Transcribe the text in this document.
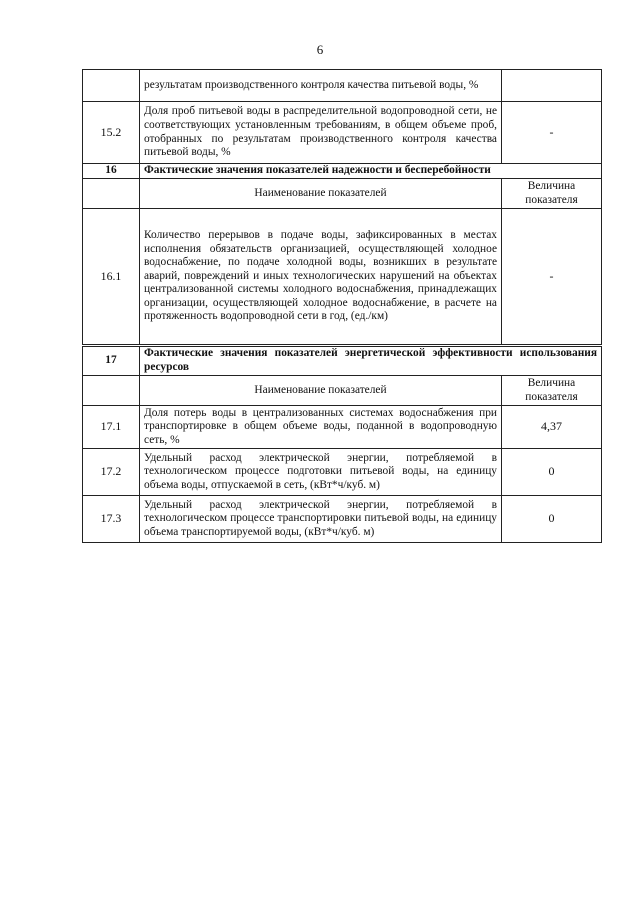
6
	результатам производственного контроля качества питьевой воды, %	
15.2	Доля проб питьевой воды в распределительной водопроводной сети, не соответствующих установленным требованиям, в общем объеме проб, отобранных по результатам производственного контроля качества питьевой воды, %	-
16	Фактические значения показателей надежности и бесперебойности	
	Наименование показателей	Величина показателя
16.1	Количество перерывов в подаче воды, зафиксированных в местах исполнения обязательств организацией, осуществляющей холодное водоснабжение, по подаче холодной воды, возникших в результате аварий, повреждений и иных технологических нарушений на объектах централизованной системы холодного водоснабжения, принадлежащих организации, осуществляющей холодное водоснабжение, в расчете на протяженность водопроводной сети в год, (ед./км)	-
17	Фактические значения показателей энергетической эффективности использования ресурсов	
	Наименование показателей	Величина показателя
17.1	Доля потерь воды в централизованных системах водоснабжения при транспортировке в общем объеме воды, поданной в водопроводную сеть, %	4,37
17.2	Удельный расход электрической энергии, потребляемой в технологическом процессе подготовки питьевой воды, на единицу объема воды, отпускаемой в сеть, (кВт*ч/куб. м)	0
17.3	Удельный расход электрической энергии, потребляемой в технологическом процессе транспортировки питьевой воды, на единицу объема транспортируемой воды, (кВт*ч/куб. м)	0
